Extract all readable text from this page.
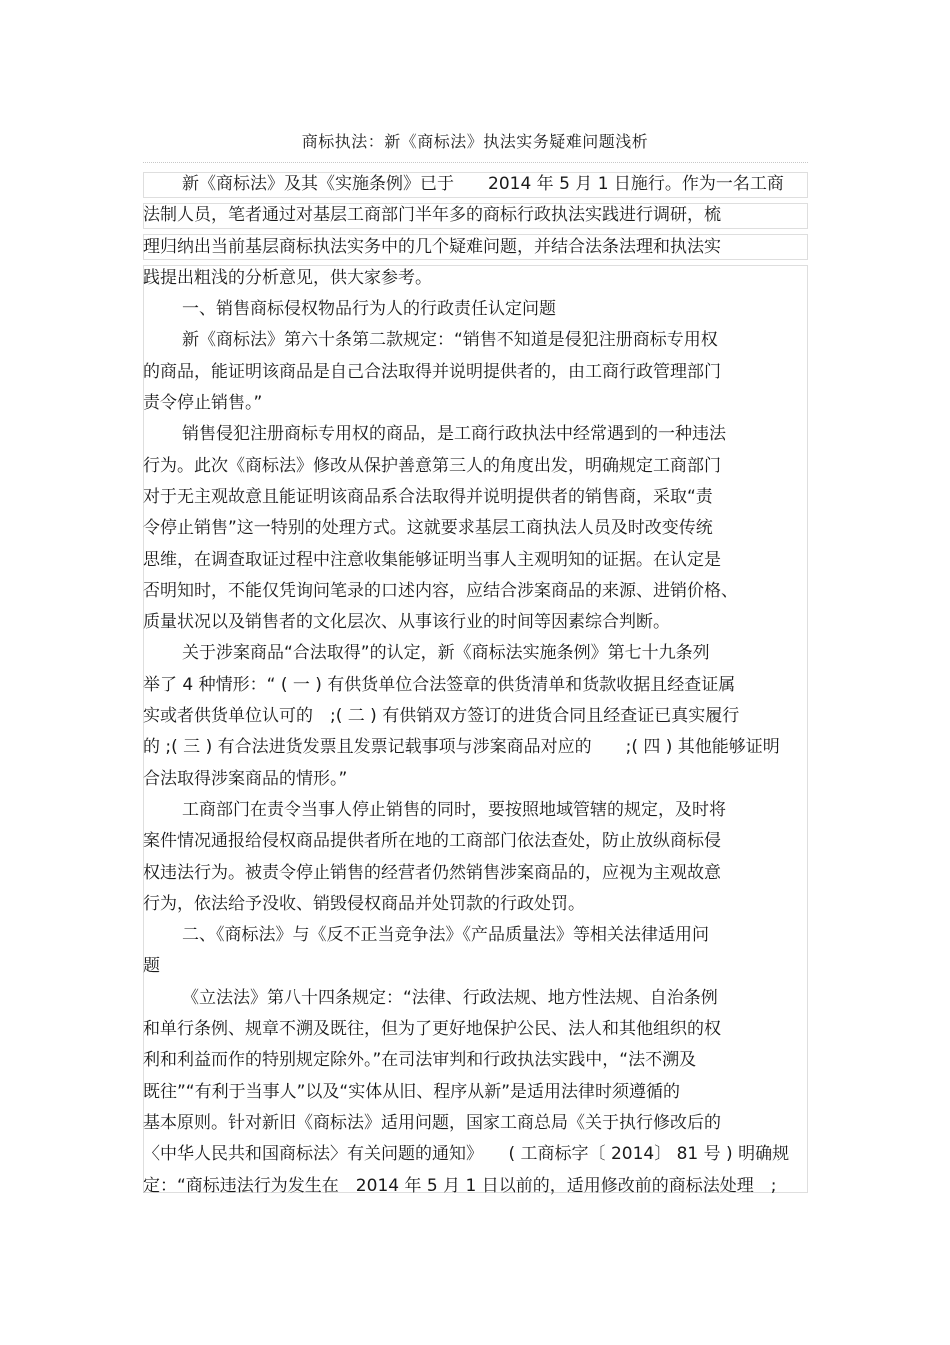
商标执法：新《商标法》执法实务疑难问题浅析
新《商标法》及其《实施条例》已于　　2014 年 5 月 1 日施行。作为一名工商
法制人员，笔者通过对基层工商部门半年多的商标行政执法实践进行调研，梳
理归纳出当前基层商标执法实务中的几个疑难问题，并结合法条法理和执法实
践提出粗浅的分析意见，供大家参考。
一、销售商标侵权物品行为人的行政责任认定问题
新《商标法》第六十条第二款规定：“销售不知道是侵犯注册商标专用权
的商品，能证明该商品是自己合法取得并说明提供者的，由工商行政管理部门
责令停止销售。”
销售侵犯注册商标专用权的商品，是工商行政执法中经常遇到的一种违法
行为。此次《商标法》修改从保护善意第三人的角度出发，明确规定工商部门
对于无主观故意且能证明该商品系合法取得并说明提供者的销售商，采取“责
令停止销售”这一特别的处理方式。这就要求基层工商执法人员及时改变传统
思维，在调查取证过程中注意收集能够证明当事人主观明知的证据。在认定是
否明知时，不能仅凭询问笔录的口述内容，应结合涉案商品的来源、进销价格、
质量状况以及销售者的文化层次、从事该行业的时间等因素综合判断。
关于涉案商品“合法取得”的认定，新《商标法实施条例》第七十九条列
举了 4 种情形：“ ( 一 ) 有供货单位合法签章的供货清单和货款收据且经查证属
实或者供货单位认可的　;( 二 ) 有供销双方签订的进货合同且经查证已真实履行
的 ;( 三 ) 有合法进货发票且发票记载事项与涉案商品对应的　　;( 四 ) 其他能够证明
合法取得涉案商品的情形。”
工商部门在责令当事人停止销售的同时，要按照地域管辖的规定，及时将
案件情况通报给侵权商品提供者所在地的工商部门依法查处，防止放纵商标侵
权违法行为。被责令停止销售的经营者仍然销售涉案商品的，应视为主观故意
行为，依法给予没收、销毁侵权商品并处罚款的行政处罚。
二、《商标法》与《反不正当竞争法》《产品质量法》等相关法律适用问
题
《立法法》第八十四条规定：“法律、行政法规、地方性法规、自治条例
和单行条例、规章不溯及既往，但为了更好地保护公民、法人和其他组织的权
利和利益而作的特别规定除外。”在司法审判和行政执法实践中，“法不溯及
既往”“有利于当事人”以及“实体从旧、程序从新”是适用法律时须遵循的
基本原则。针对新旧《商标法》适用问题，国家工商总局《关于执行修改后的
〈中华人民共和国商标法〉有关问题的通知》　　( 工商标字〔 2014〕 81 号 ) 明确规
定：“商标违法行为发生在　2014 年 5 月 1 日以前的，适用修改前的商标法处理　;
